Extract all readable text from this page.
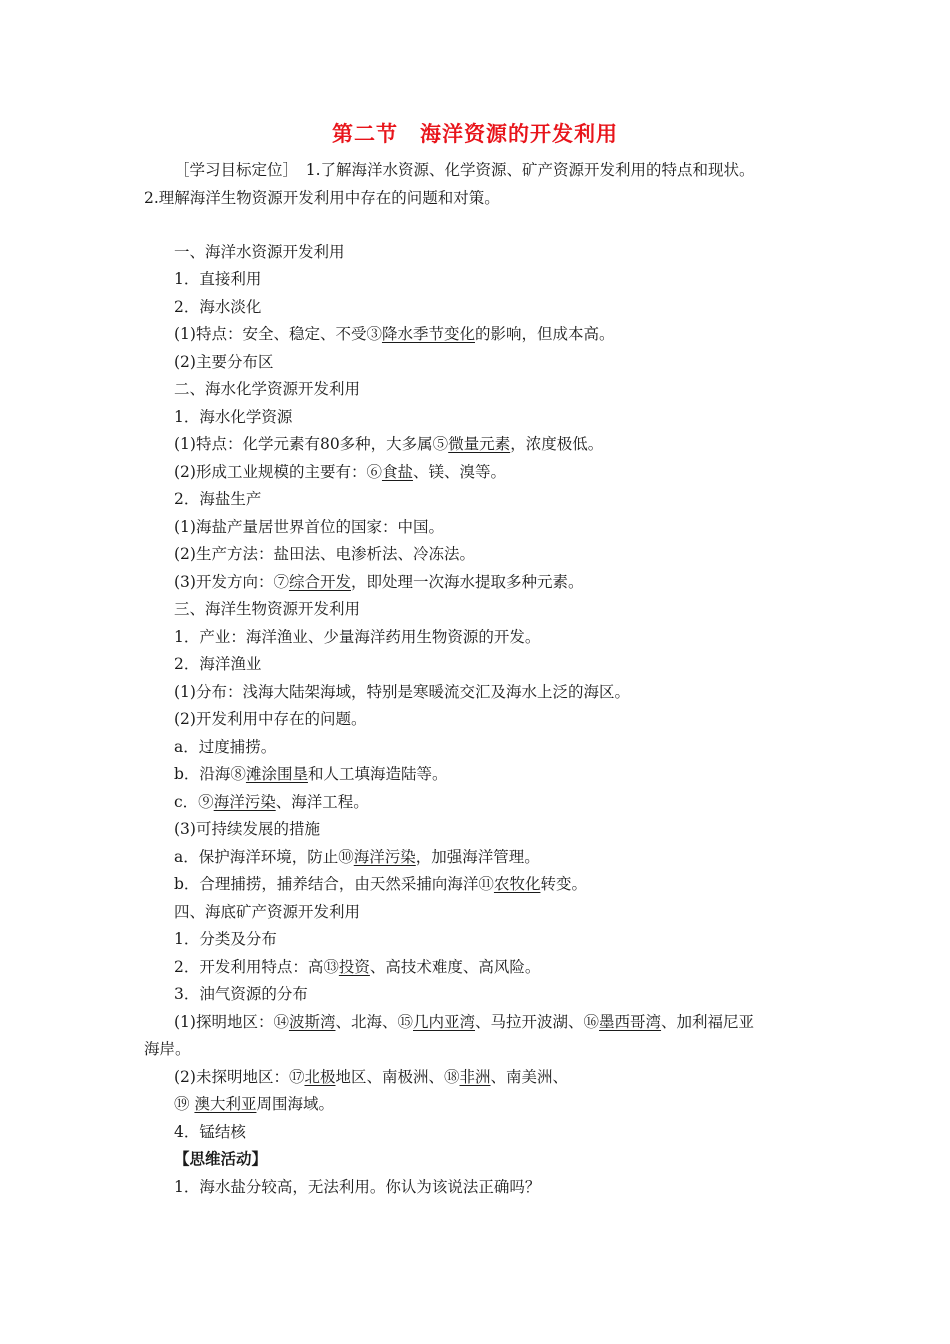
第二节 海洋资源的开发利用
［学习目标定位］　1.了解海洋水资源、化学资源、矿产资源开发利用的特点和现状。
2.理解海洋生物资源开发利用中存在的问题和对策。
一、海洋水资源开发利用
1．直接利用
2．海水淡化
(1)特点：安全、稳定、不受③降水季节变化的影响，但成本高。
(2)主要分布区
二、海水化学资源开发利用
1．海水化学资源
(1)特点：化学元素有80多种，大多属⑤微量元素，浓度极低。
(2)形成工业规模的主要有：⑥食盐、镁、溴等。
2．海盐生产
(1)海盐产量居世界首位的国家：中国。
(2)生产方法：盐田法、电渗析法、冷冻法。
(3)开发方向：⑦综合开发，即处理一次海水提取多种元素。
三、海洋生物资源开发利用
1．产业：海洋渔业、少量海洋药用生物资源的开发。
2．海洋渔业
(1)分布：浅海大陆架海域，特别是寒暖流交汇及海水上泛的海区。
(2)开发利用中存在的问题。
a．过度捕捞。
b．沿海⑧滩涂围垦和人工填海造陆等。
c．⑨海洋污染、海洋工程。
(3)可持续发展的措施
a．保护海洋环境，防止⑩海洋污染，加强海洋管理。
b．合理捕捞，捕养结合，由天然采捕向海洋⑪农牧化转变。
四、海底矿产资源开发利用
1．分类及分布
2．开发利用特点：高⑬投资、高技术难度、高风险。
3．油气资源的分布
(1)探明地区：⑭波斯湾、北海、⑮几内亚湾、马拉开波湖、⑯墨西哥湾、加利福尼亚
海岸。
(2)未探明地区：⑰北极地区、南极洲、⑱非洲、南美洲、
⑲ 澳大利亚周围海域。
4．锰结核
【思维活动】
1．海水盐分较高，无法利用。你认为该说法正确吗？
